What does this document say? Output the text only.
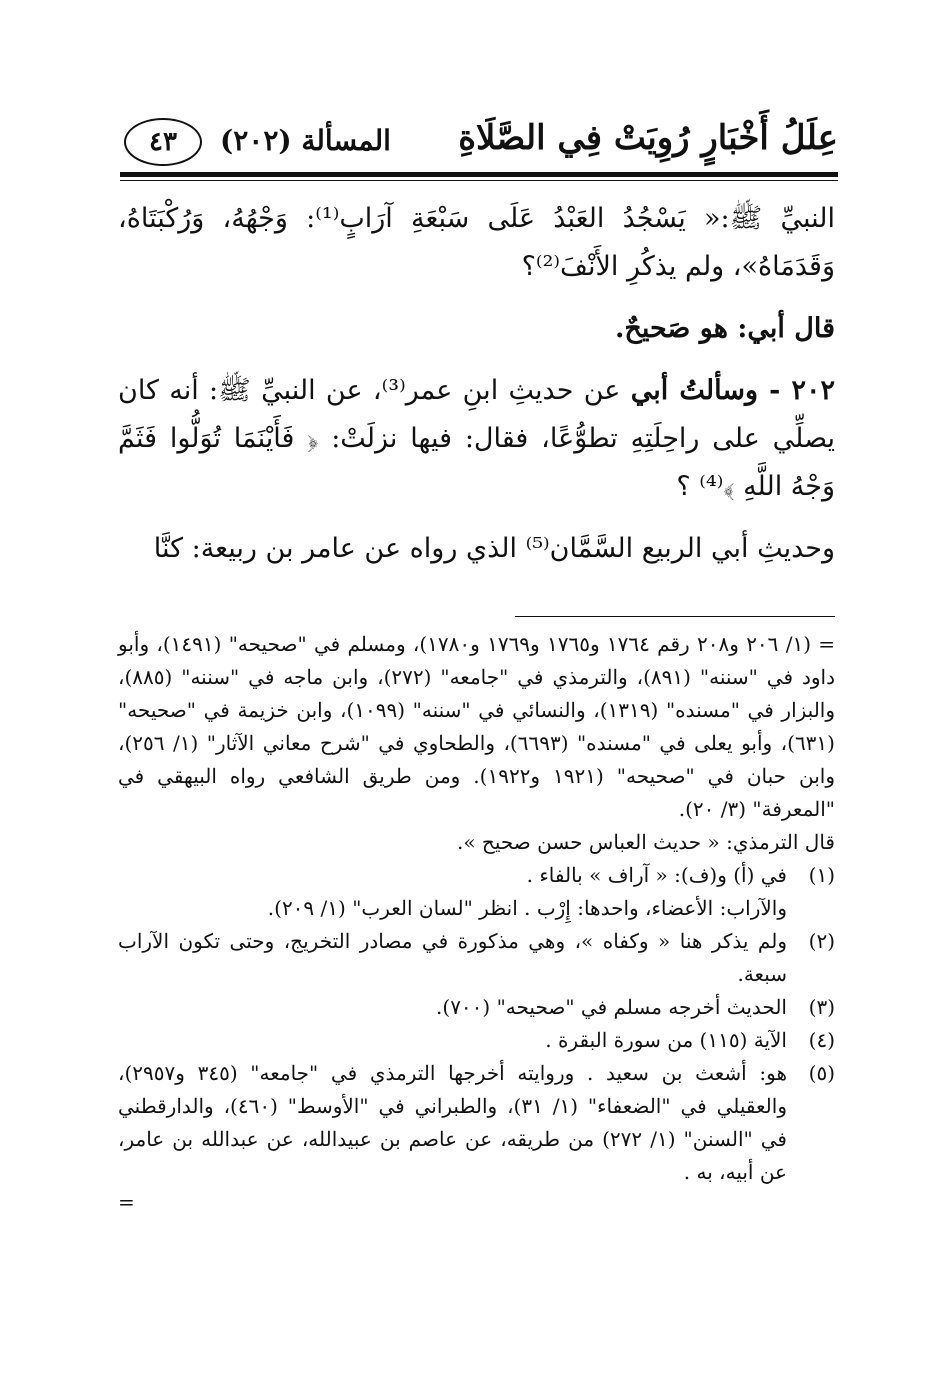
عِلَلُ أَخْبَارٍ رُوِيَتْ فِي الصَّلَاةِ
المسألة (٢٠٢)
٤٣

النبيِّ ﷺ:« يَسْجُدُ العَبْدُ عَلَى سَبْعَةِ آرَابٍ⁽¹⁾: وَجْهُهُ، وَرُكْبَتَاهُ، وَقَدَمَاهُ»، ولم يذكُرِ الأَنْفَ⁽²⁾؟

قال أبي: هو صَحيحٌ.

٢٠٢ - وسألتُ أبي عن حديثِ ابنِ عمر⁽³⁾، عن النبيِّ ﷺ: أنه كان يصلِّي على راحِلَتِهِ تطوُّعًا، فقال: فيها نزلَتْ: ﴿ فَأَيْنَمَا تُوَلُّوا فَثَمَّ وَجْهُ اللَّهِ ﴾⁽⁴⁾ ؟

وحديثِ أبي الربيع السَّمَّان⁽⁵⁾ الذي رواه عن عامر بن ربيعة: كنَّا

= (١/ ٢٠٦ و٢٠٨ رقم ١٧٦٤ و١٧٦٥ و١٧٦٩ و١٧٨٠)، ومسلم في "صحيحه" (١٤٩١)، وأبو داود في "سننه" (٨٩١)، والترمذي في "جامعه" (٢٧٢)، وابن ماجه في "سننه" (٨٨٥)، والبزار في "مسنده" (١٣١٩)، والنسائي في "سننه" (١٠٩٩)، وابن خزيمة في "صحيحه" (٦٣١)، وأبو يعلى في "مسنده" (٦٦٩٣)، والطحاوي في "شرح معاني الآثار" (١/ ٢٥٦)، وابن حبان في "صحيحه" (١٩٢١ و١٩٢٢). ومن طريق الشافعي رواه البيهقي في "المعرفة" (٣/ ٢٠).

قال الترمذي: « حديث العباس حسن صحيح ».

(١)
في (أ) و(ف): « آراف » بالفاء .
والآراب: الأعضاء، واحدها: إِرْب . انظر "لسان العرب" (١/ ٢٠٩).
(٢)
ولم يذكر هنا « وكفاه »، وهي مذكورة في مصادر التخريج، وحتى تكون الآراب سبعة.
(٣)
الحديث أخرجه مسلم في "صحيحه" (٧٠٠).
(٤)
الآية (١١٥) من سورة البقرة .
(٥)
هو: أشعث بن سعيد . وروايته أخرجها الترمذي في "جامعه" (٣٤٥ و٢٩٥٧)، والعقيلي في "الضعفاء" (١/ ٣١)، والطبراني في "الأوسط" (٤٦٠)، والدارقطني في "السنن" (١/ ٢٧٢) من طريقه، عن عاصم بن عبيدالله، عن عبدالله بن عامر، عن أبيه، به .
=
